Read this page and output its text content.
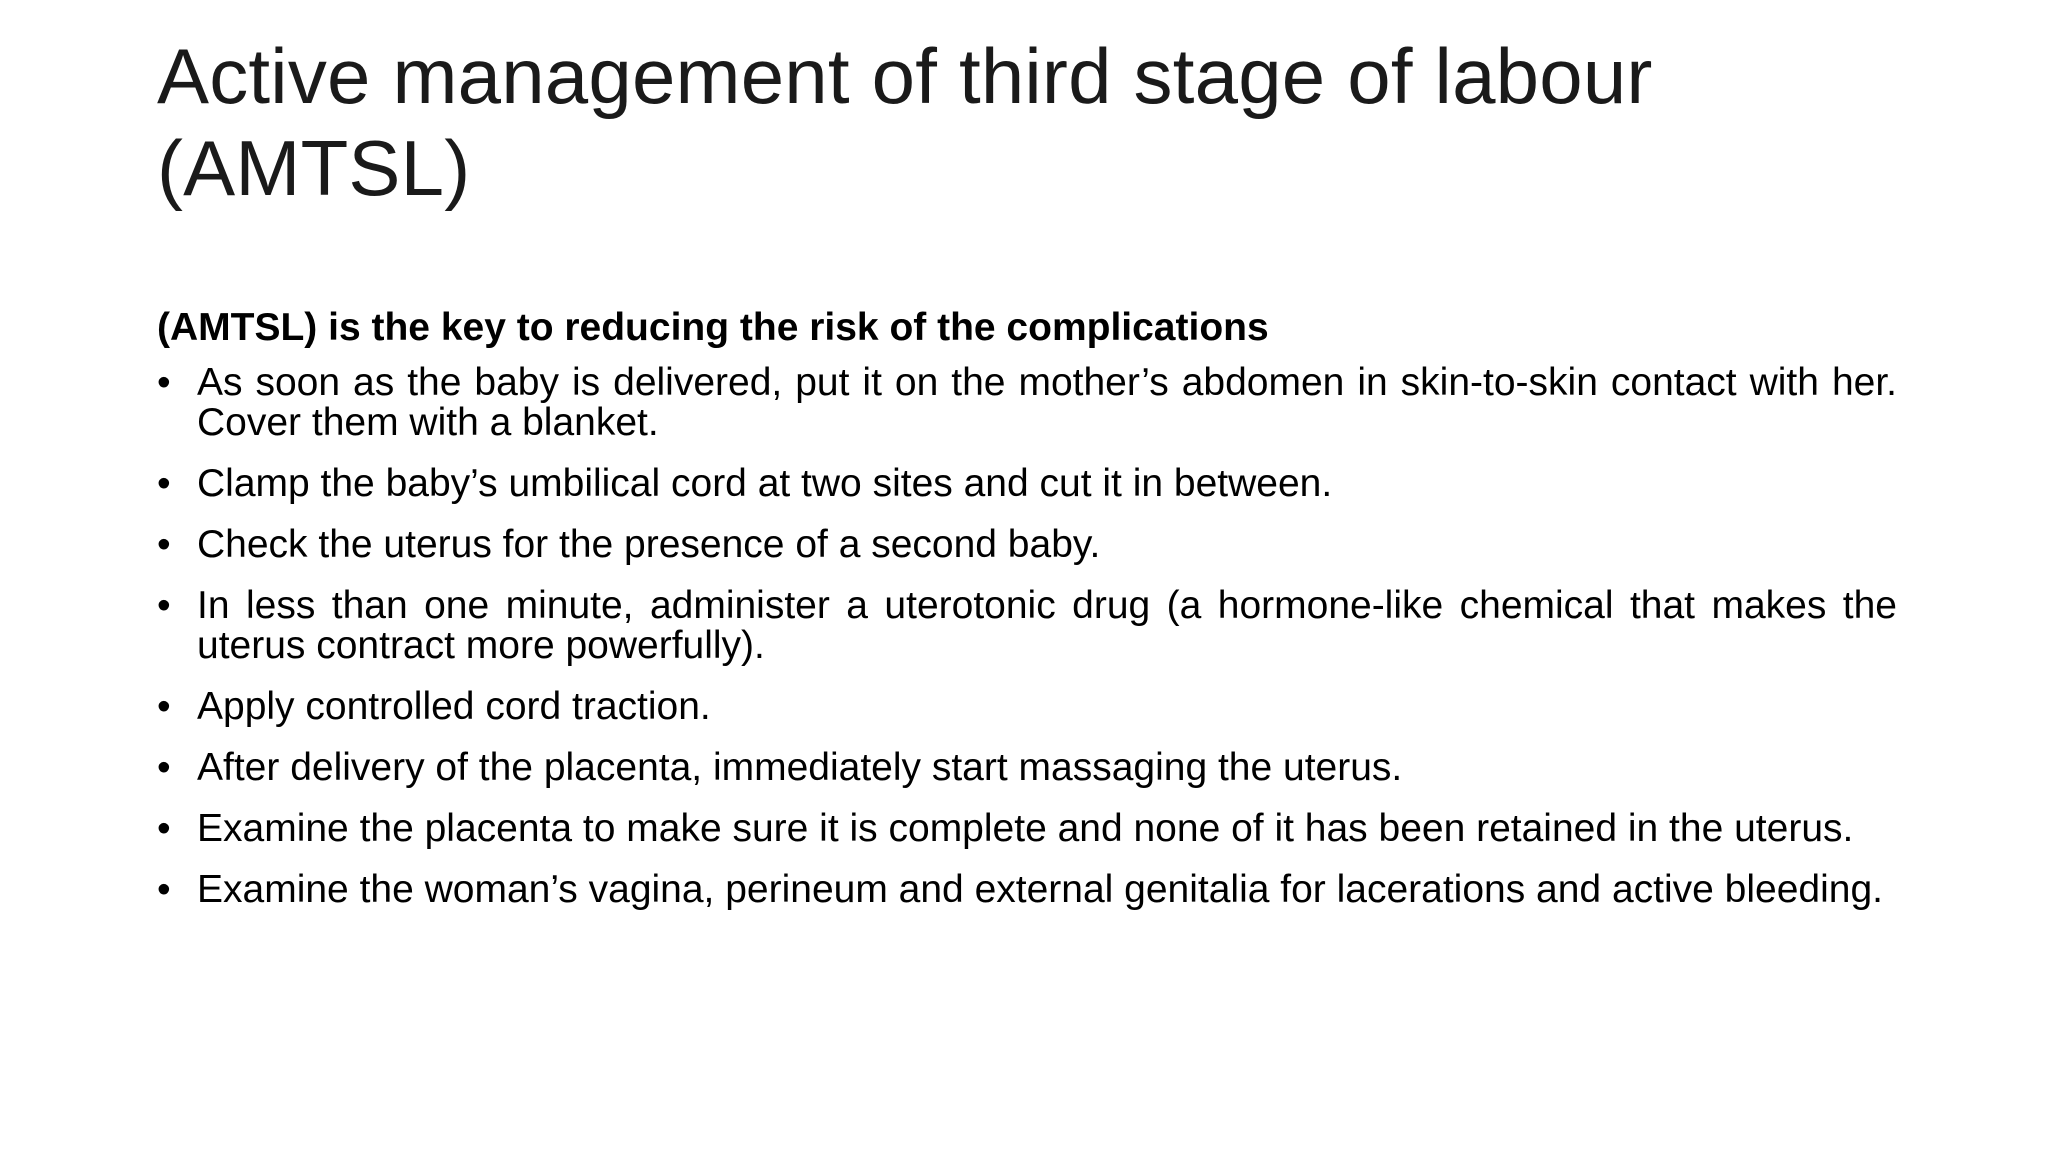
Active management of third stage of labour (AMTSL)

(AMTSL) is the key to reducing the risk of the complications

• As soon as the baby is delivered, put it on the mother’s abdomen in skin-to-skin contact with her. Cover them with a blanket.
• Clamp the baby’s umbilical cord at two sites and cut it in between.
• Check the uterus for the presence of a second baby.
• In less than one minute, administer a uterotonic drug (a hormone-like chemical that makes the uterus contract more powerfully).
• Apply controlled cord traction.
• After delivery of the placenta, immediately start massaging the uterus.
• Examine the placenta to make sure it is complete and none of it has been retained in the uterus.
• Examine the woman’s vagina, perineum and external genitalia for lacerations and active bleeding.
